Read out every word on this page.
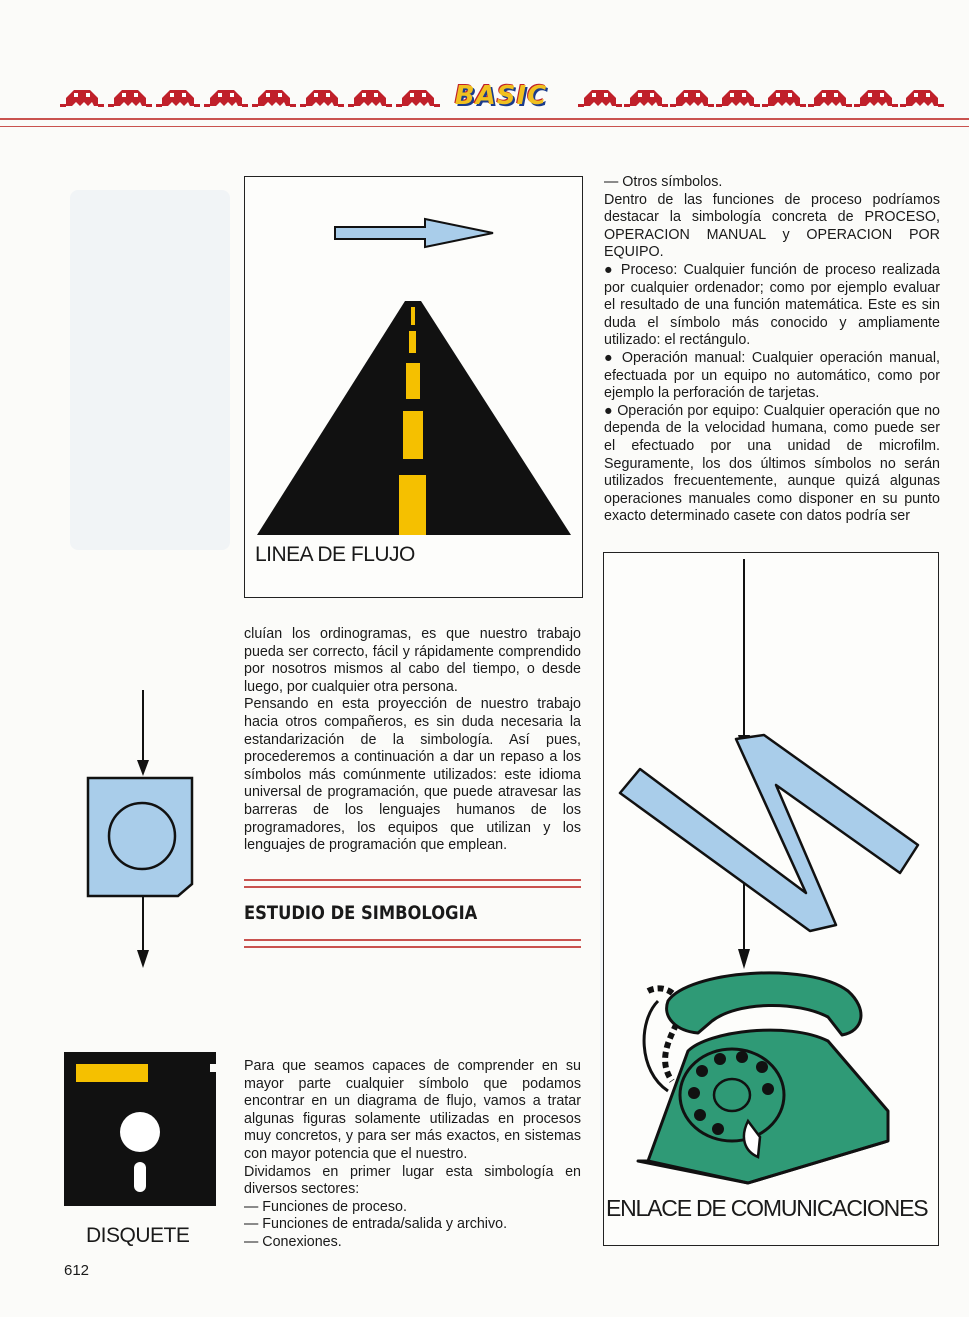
BASIC
LINEA DE FLUJO

— Otros símbolos.

Dentro de las funciones de proceso podríamos destacar la simbología concreta de PROCESO, OPERACION MANUAL y OPERACION POR EQUIPO.

● Proceso: Cualquier función de proceso realizada por cualquier ordenador; como por ejemplo evaluar el resultado de una función matemática. Este es sin duda el símbolo más conocido y ampliamente utilizado: el rectángulo.
● Operación manual: Cualquier operación manual, efectuada por un equipo no automático, como por ejemplo la perforación de tarjetas.
● Operación por equipo: Cualquier operación que no dependa de la velocidad humana, como puede ser el efectuado por una unidad de microfilm. Seguramente, los dos últimos símbolos no serán utilizados frecuentemente, aunque quizá algunas operaciones manuales como disponer en su punto exacto determinado casete con datos podría ser
ENLACE DE COMUNICACIONES
DISQUETE

cluían los ordinogramas, es que nuestro trabajo pueda ser correcto, fácil y rápidamente comprendido por nosotros mismos al cabo del tiempo, o desde luego, por cualquier otra persona.

Pensando en esta proyección de nuestro trabajo hacia otros compañeros, es sin duda necesaria la estandarización de la simbología. Así pues, procederemos a continuación a dar un repaso a los símbolos más comúnmente utilizados: este idioma universal de programación, que puede atravesar las barreras de los lenguajes humanos de los programadores, los equipos que utilizan y los lenguajes de programación que emplean.

ESTUDIO DE SIMBOLOGIA

Para que seamos capaces de comprender en su mayor parte cualquier símbolo que podamos encontrar en un diagrama de flujo, vamos a tratar algunas figuras solamente utilizadas en procesos muy concretos, y para ser más exactos, en sistemas con mayor potencia que el nuestro.

Dividamos en primer lugar esta simbología en diversos sectores:

— Funciones de proceso.
— Funciones de entrada/salida y archivo.
— Conexiones.
612
